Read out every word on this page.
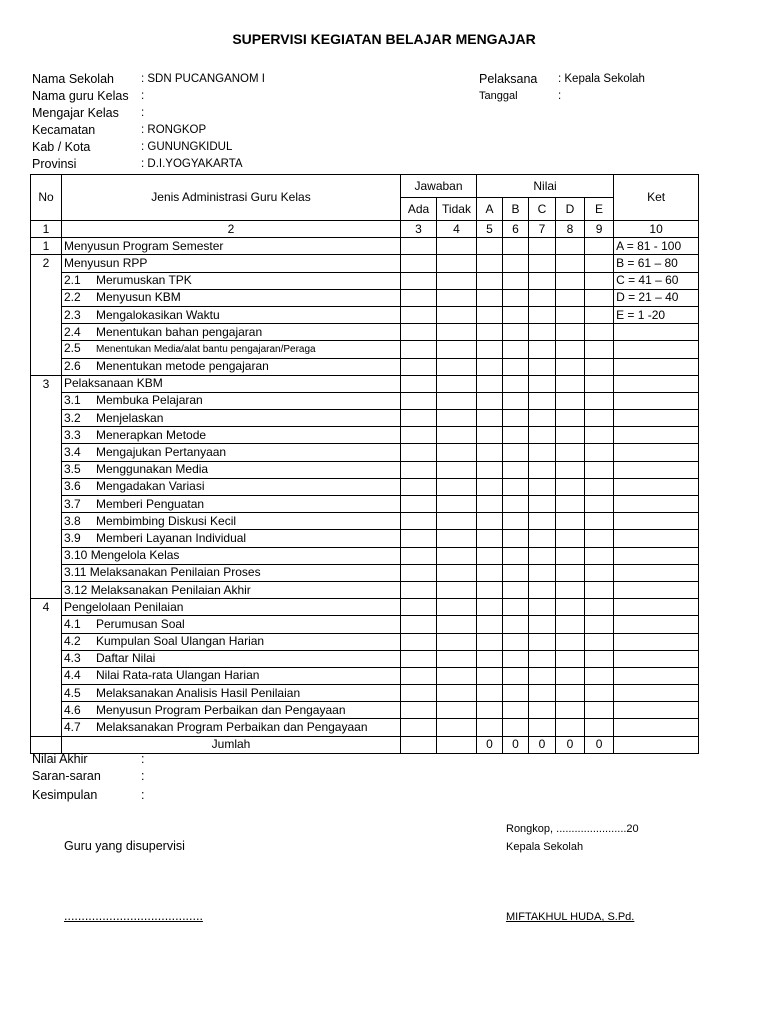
SUPERVISI KEGIATAN BELAJAR MENGAJAR
Nama Sekolah : SDN PUCANGANOM I
Nama guru Kelas :
Mengajar Kelas :
Kecamatan	: RONGKOP
Kab / Kota	: GUNUNGKIDUL
Provinsi	: D.I.YOGYAKARTA
Pelaksana : Kepala Sekolah
Tanggal	:
No	Jenis Administrasi Guru Kelas	Jawaban		Nilai					Ket
		Ada	Tidak	A	B	C	D	E	
1	2	3	4	5	6	7	8	9	10
1	Menyusun Program Semester								A = 81 - 100
2	Menyusun RPP								B = 61 – 80
	2.1 Merumuskan TPK								C = 41 – 60
	2.2 Menyusun KBM								D = 21 – 40
	2.3 Mengalokasikan Waktu								E = 1 -20
	2.4 Menentukan bahan pengajaran								
	2.5 Menentukan Media/alat bantu pengajaran/Peraga								
	2.6 Menentukan metode pengajaran								
3	Pelaksanaan KBM								
	3.1 Membuka Pelajaran								
	3.2 Menjelaskan								
	3.3 Menerapkan Metode								
	3.4 Mengajukan Pertanyaan								
	3.5 Menggunakan Media								
	3.6 Mengadakan Variasi								
	3.7 Memberi Penguatan								
	3.8 Membimbing Diskusi Kecil								
	3.9 Memberi Layanan Individual								
	3.10 Mengelola Kelas								
	3.11 Melaksanakan Penilaian Proses								
	3.12 Melaksanakan Penilaian Akhir								
4	Pengelolaan Penilaian								
	4.1 Perumusan Soal								
	4.2 Kumpulan Soal Ulangan Harian								
	4.3 Daftar Nilai								
	4.4 Nilai Rata-rata Ulangan Harian								
	4.5 Melaksanakan Analisis Hasil Penilaian								
	4.6 Menyusun Program Perbaikan dan Pengayaan								
	4.7 Melaksanakan Program Perbaikan dan Pengayaan								
	Jumlah			0	0	0	0	0	
Nilai Akhir	:
Saran-saran	:
Kesimpulan	:
Rongkop, .......................20
Guru yang disupervisi	Kepala Sekolah
........................................	MIFTAKHUL HUDA, S.Pd.
